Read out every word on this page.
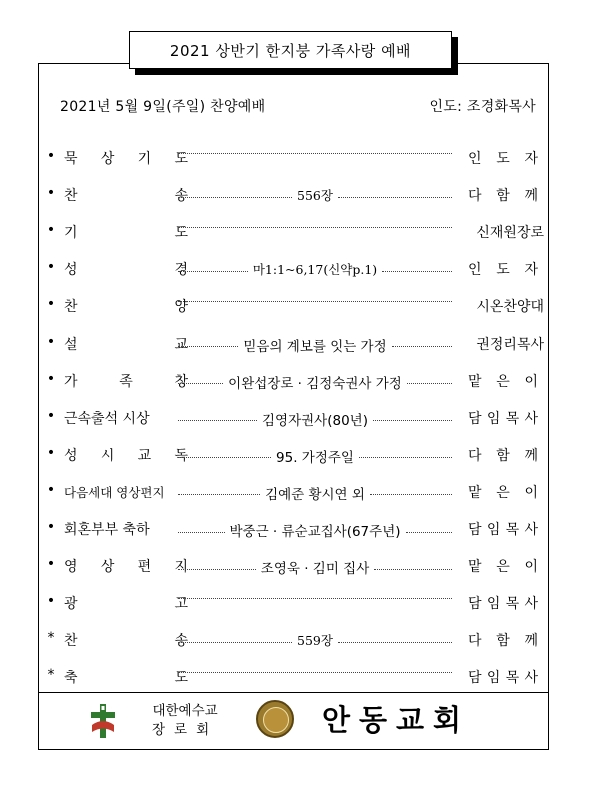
2021 상반기 한지붕 가족사랑 예배
2021년 5월 9일(주일) 찬양예배	인도: 조경화목사
• 묵 상 기 도	인 도 자
• 찬	송	556장	다 함 께
• 기	도	신재원장로
• 성	경	마1:1~6,17(신약p.1)	인 도 자
• 찬	양	시온찬양대
• 설	교	믿음의 계보를 잇는 가정	권정리목사
• 가	족	창	이완섭장로 · 김정숙권사 가정	맡 은 이
• 근속출석 시상	김영자권사(80년)	담 임 목 사
• 성 시 교 독	95. 가정주일	다 함 께
• 다음세대 영상편지	김예준 황시연 외	맡 은 이
• 회혼부부 축하	박중근 · 류순교집사(67주년)	담 임 목 사
• 영 상 편 지	조영욱 · 김미 집사	맡 은 이
• 광	고	담 임 목 사
* 찬	송	559장	다 함 께
* 축	도	담 임 목 사
대한예수교
장로회	안동교회
